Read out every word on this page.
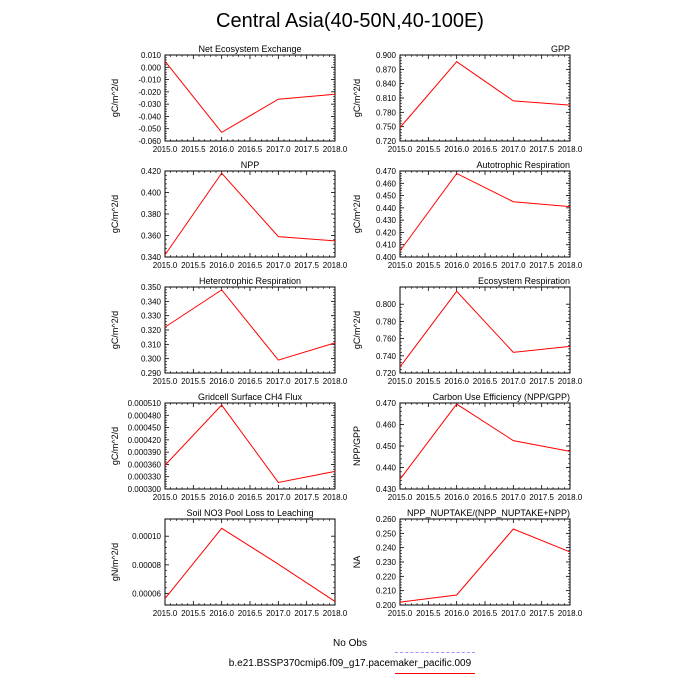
Central Asia(40-50N,40-100E)
2015.0 2015.5 2016.0 2016.5 2017.0 2017.5 2018.0
0.010
0.000
-0.010
-0.020
-0.030
-0.040
-0.050
-0.060
gC/m^2/d
Net Ecosystem Exchange
2015.0 2015.5 2016.0 2016.5 2017.0 2017.5 2018.0
0.900
0.870
0.840
0.810
0.780
0.750
0.720
gC/m^2/d
GPP
2015.0 2015.5 2016.0 2016.5 2017.0 2017.5 2018.0
0.420
0.400
0.380
0.360
0.340
gC/m^2/d
NPP
2015.0 2015.5 2016.0 2016.5 2017.0 2017.5 2018.0
0.470
0.460
0.450
0.440
0.430
0.420
0.410
0.400
gC/m^2/d
Autotrophic Respiration
2015.0 2015.5 2016.0 2016.5 2017.0 2017.5 2018.0
0.350
0.340
0.330
0.320
0.310
0.300
0.290
gC/m^2/d
Heterotrophic Respiration
2015.0 2015.5 2016.0 2016.5 2017.0 2017.5 2018.0
0.800
0.780
0.760
0.740
0.720
gC/m^2/d
Ecosystem Respiration
2015.0 2015.5 2016.0 2016.5 2017.0 2017.5 2018.0
0.000510
0.000480
0.000450
0.000420
0.000390
0.000360
0.000330
0.000300
gC/m^2/d
Gridcell Surface CH4 Flux
2015.0 2015.5 2016.0 2016.5 2017.0 2017.5 2018.0
0.470
0.460
0.450
0.440
0.430
NPP/GPP
Carbon Use Efficiency (NPP/GPP)
2015.0 2015.5 2016.0 2016.5 2017.0 2017.5 2018.0
0.00010
0.00008
0.00006
gN/m^2/d
Soil NO3 Pool Loss to Leaching
2015.0 2015.5 2016.0 2016.5 2017.0 2017.5 2018.0
0.260
0.250
0.240
0.230
0.220
0.210
0.200
NA
NPP_NUPTAKE/(NPP_NUPTAKE+NPP)
No Obs
b.e21.BSSP370cmip6.f09_g17.pacemaker_pacific.009
